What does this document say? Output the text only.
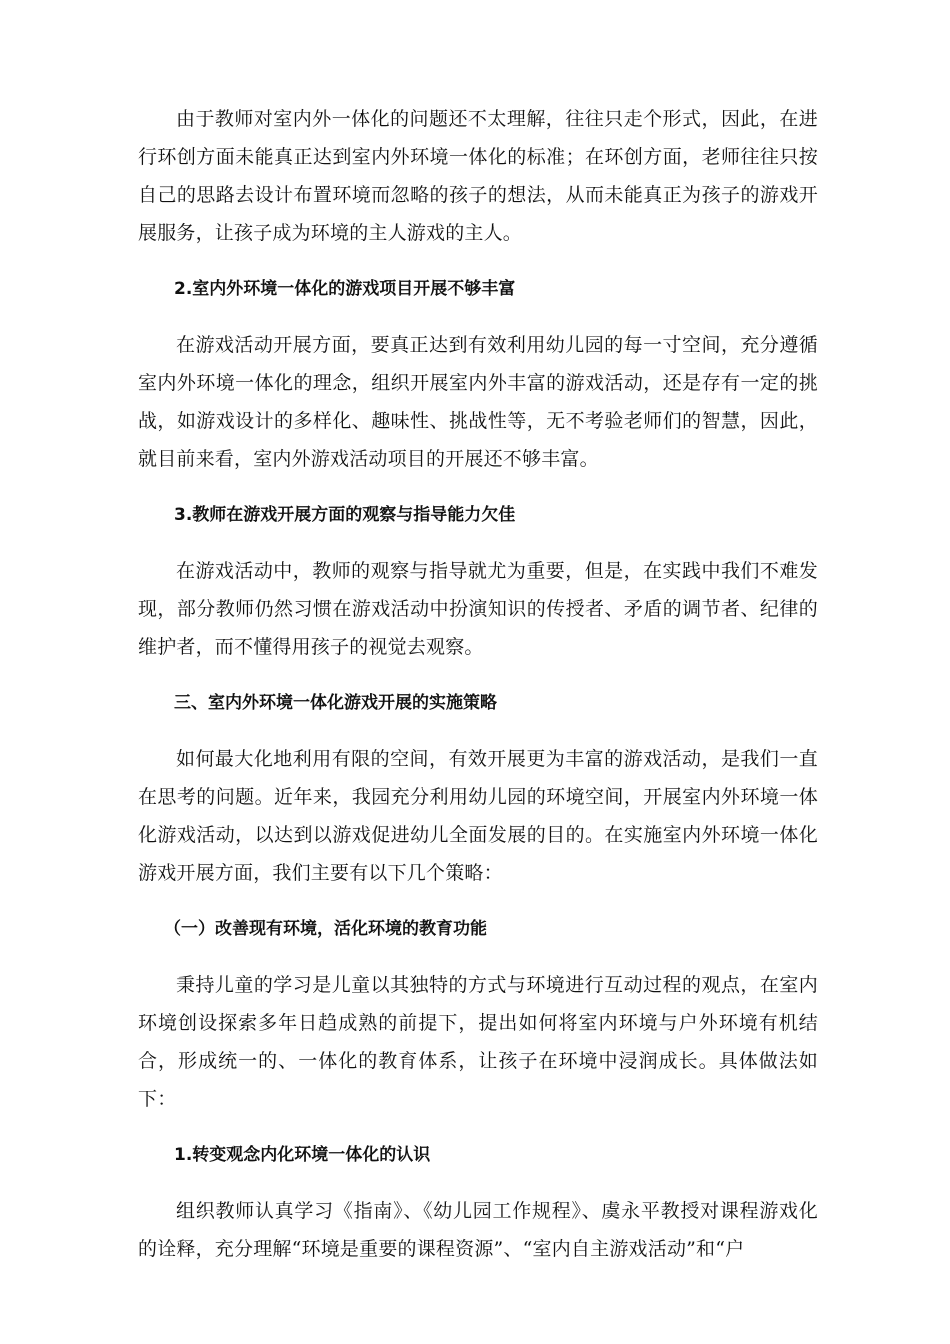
由于教师对室内外一体化的问题还不太理解，往往只走个形式，因此，在进行环创方面未能真正达到室内外环境一体化的标准；在环创方面，老师往往只按自己的思路去设计布置环境而忽略的孩子的想法，从而未能真正为孩子的游戏开展服务，让孩子成为环境的主人游戏的主人。

2.室内外环境一体化的游戏项目开展不够丰富

在游戏活动开展方面，要真正达到有效利用幼儿园的每一寸空间，充分遵循室内外环境一体化的理念，组织开展室内外丰富的游戏活动，还是存有一定的挑战，如游戏设计的多样化、趣味性、挑战性等，无不考验老师们的智慧，因此，就目前来看，室内外游戏活动项目的开展还不够丰富。

3.教师在游戏开展方面的观察与指导能力欠佳

在游戏活动中，教师的观察与指导就尤为重要，但是，在实践中我们不难发现，部分教师仍然习惯在游戏活动中扮演知识的传授者、矛盾的调节者、纪律的维护者，而不懂得用孩子的视觉去观察。

三、室内外环境一体化游戏开展的实施策略

如何最大化地利用有限的空间，有效开展更为丰富的游戏活动，是我们一直在思考的问题。近年来，我园充分利用幼儿园的环境空间，开展室内外环境一体化游戏活动，以达到以游戏促进幼儿全面发展的目的。在实施室内外环境一体化游戏开展方面，我们主要有以下几个策略：

（一）改善现有环境，活化环境的教育功能

秉持儿童的学习是儿童以其独特的方式与环境进行互动过程的观点，在室内环境创设探索多年日趋成熟的前提下，提出如何将室内环境与户外环境有机结合，形成统一的、一体化的教育体系，让孩子在环境中浸润成长。具体做法如下：

1.转变观念内化环境一体化的认识

组织教师认真学习《指南》、《幼儿园工作规程》、虞永平教授对课程游戏化的诠释，充分理解“环境是重要的课程资源”、“室内自主游戏活动”和“户
